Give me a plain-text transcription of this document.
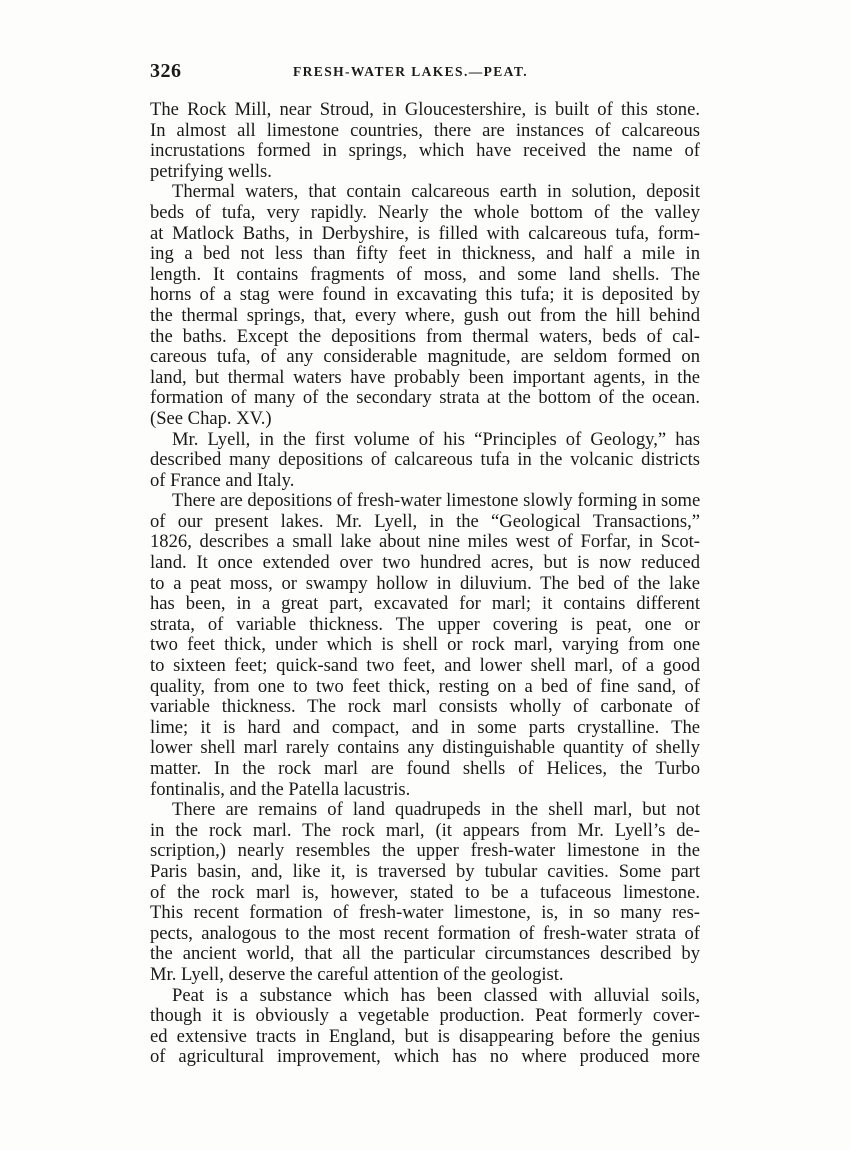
326	FRESH-WATER LAKES.—PEAT.
The Rock Mill, near Stroud, in Gloucestershire, is built of this stone.
In almost all limestone countries, there are instances of calcareous
incrustations formed in springs, which have received the name of
petrifying wells.
Thermal waters, that contain calcareous earth in solution, deposit
beds of tufa, very rapidly. Nearly the whole bottom of the valley
at Matlock Baths, in Derbyshire, is filled with calcareous tufa, form-
ing a bed not less than fifty feet in thickness, and half a mile in
length. It contains fragments of moss, and some land shells. The
horns of a stag were found in excavating this tufa; it is deposited by
the thermal springs, that, every where, gush out from the hill behind
the baths. Except the depositions from thermal waters, beds of cal-
careous tufa, of any considerable magnitude, are seldom formed on
land, but thermal waters have probably been important agents, in the
formation of many of the secondary strata at the bottom of the ocean.
(See Chap. XV.)
Mr. Lyell, in the first volume of his “Principles of Geology,” has
described many depositions of calcareous tufa in the volcanic districts
of France and Italy.
There are depositions of fresh-water limestone slowly forming in some
of our present lakes. Mr. Lyell, in the “Geological Transactions,”
1826, describes a small lake about nine miles west of Forfar, in Scot-
land. It once extended over two hundred acres, but is now reduced
to a peat moss, or swampy hollow in diluvium. The bed of the lake
has been, in a great part, excavated for marl; it contains different
strata, of variable thickness. The upper covering is peat, one or
two feet thick, under which is shell or rock marl, varying from one
to sixteen feet; quick-sand two feet, and lower shell marl, of a good
quality, from one to two feet thick, resting on a bed of fine sand, of
variable thickness. The rock marl consists wholly of carbonate of
lime; it is hard and compact, and in some parts crystalline. The
lower shell marl rarely contains any distinguishable quantity of shelly
matter. In the rock marl are found shells of Helices, the Turbo
fontinalis, and the Patella lacustris.
There are remains of land quadrupeds in the shell marl, but not
in the rock marl. The rock marl, (it appears from Mr. Lyell’s de-
scription,) nearly resembles the upper fresh-water limestone in the
Paris basin, and, like it, is traversed by tubular cavities. Some part
of the rock marl is, however, stated to be a tufaceous limestone.
This recent formation of fresh-water limestone, is, in so many res-
pects, analogous to the most recent formation of fresh-water strata of
the ancient world, that all the particular circumstances described by
Mr. Lyell, deserve the careful attention of the geologist.
Peat is a substance which has been classed with alluvial soils,
though it is obviously a vegetable production. Peat formerly cover-
ed extensive tracts in England, but is disappearing before the genius
of agricultural improvement, which has no where produced more
